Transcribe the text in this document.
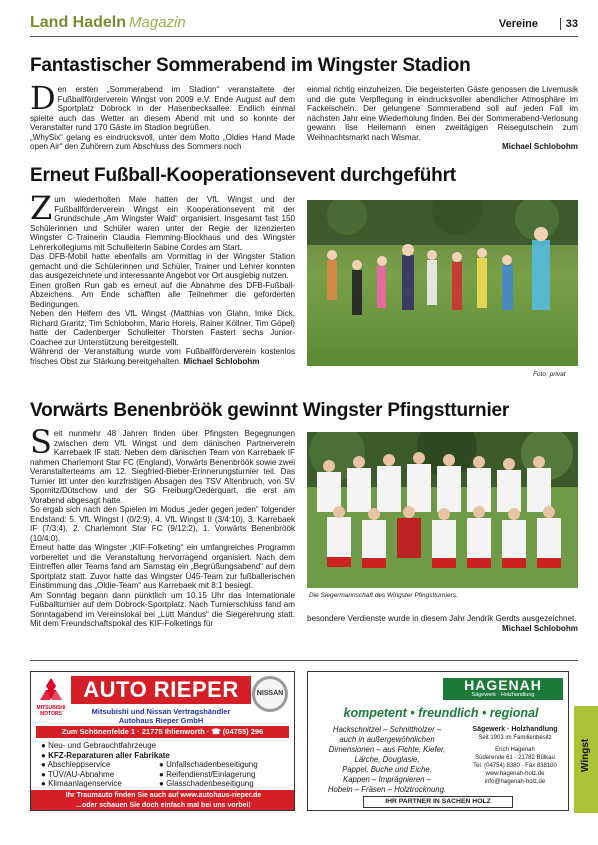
Land Hadeln Magazin	Vereine	33
Fantastischer Sommerabend im Wingster Stadion
Den ersten „Sommerabend im Stadion“ veranstaltete der Fußballförderverein Wingst von 2009 e.V. Ende August auf dem Sportplatz Dobrock in der Hasenbecksallee. Endlich einmal spielte auch das Wetter an diesem Abend mit und so konnte der Veranstalter rund 170 Gäste im Stadion begrüßen.
„WhySix“ gelang es eindrucksvoll, unter dem Motto „Oldies Hand Made open Air“ den Zuhörern zum Abschluss des Sommers noch

einmal richtig einzuheizen. Die begeisterten Gäste genossen die Livemusik und die gute Verpflegung in eindrucksvoller abendlicher Atmosphäre im Fackelschein. Der gelungene Sommerabend soll auf jeden Fall im nächsten Jahr eine Wiederholung finden. Bei der Sommerabend-Verlosung gewann Ilse Heilemann einen zweitägigen Reisegutschein zum Weihnachtsmarkt nach Wismar.

Michael Schlobohm

Erneut Fußball-Kooperationsevent durchgeführt

Zum wiederholten Male hatten der VfL Wingst und der Fußballförderverein Wingst ein Kooperationsevent mit der Grundschule „Am Wingster Wald“ organisiert. Insgesamt fast 150 Schülerinnen und Schüler waren unter der Regie der lizenzierten Wingster C-Trainerin Claudia Flemming-Blockhaus und des Wingster Lehrerkollegiums mit Schulleiterin Sabine Cordes am Start.

Das DFB-Mobil hatte ebenfalls am Vormittag in der Wingster Station gemacht und die Schülerinnen und Schüler, Trainer und Lehrer konnten das ausgezeichnete und interessante Angebot vor Ort ausgiebig nutzen.

Einen großen Run gab es erneut auf die Abnahme des DFB-Fußball-Abzeichens. Am Ende schafften alle Teilnehmer die geforderten Bedingungen.

Neben den Helfern des VfL Wingst (Matthias von Glahn, Imke Dick, Richard Grantz, Tim Schlobohm, Mario Horeis, Rainer Köllner, Tim Göpel) hatte der Cadenberger Schulleiter Thorsten Fastert sechs Junior-Coachee zur Unterstützung bereitgestellt.

Während der Veranstaltung wurde vom Fußballförderverein kostenlos frisches Obst zur Stärkung bereitgehalten. Michael Schlobohm

Foto: privat
Vorwärts Benenbröök gewinnt Wingster Pfingstturnier

Seit nunmehr 48 Jahren finden über Pfingsten Begegnungen zwischen dem VfL Wingst und dem dänischen Partnerverein Karrebaek IF statt. Neben dem dänischen Team von Karrebaek IF nahmen Charlemont Star FC (England), Vorwärts Benenbröök sowie zwei Veranstalterteams am 12. Siegfried-Bieber-Erinnerungsturnier teil. Das Turnier litt unter den kurzfristigen Absagen des TSV Altenbruch, von SV Spornitz/Dütschow und der SG Freiburg/Oederquart, die erst am Vorabend abgesagt hatte.

So ergab sich nach den Spielen im Modus „jeder gegen jeden“ folgender Endstand: 5. VfL Wingst I (0/2:9), 4. VfL Wingst II (3/4:10), 3. Karrebaek IF (7/3:4), 2. Charlemont Star FC (9/12:2), 1. Vorwärts Benenbröök (10/4:0).

Erneut hatte das Wingster „KIF-Folketing“ ein umfangreiches Programm vorbereitet und die Veranstaltung hervorragend organisiert. Nach dem Eintreffen aller Teams fand am Samstag ein „Begrüßungsabend“ auf dem Sportplatz statt. Zuvor hatte das Wingster Ü45-Team zur fußballerischen Einstimmung das „Oldie-Team“ aus Karrebaek mit 8:1 besiegt.

Am Sonntag begann dann pünktlich um 10.15 Uhr das Internationale Fußballturnier auf dem Dobrock-Sportplatz. Nach Turnierschluss fand am Sonntagabend im Vereinslokal bei „Lütt Mandus“ die Siegerehrung statt. Mit dem Freundschaftspokal des KIF-Folketings für

Die Siegermannschaft des Wingster Pfingstturniers.

besondere Verdienste wurde in diesem Jahr Jendrik Gerdts ausgezeichnet.

Michael Schlobohm

MITSUBISHI MOTORS
AUTO RIEPER	NISSAN
Mitsubishi und Nissan Vertragshändler
Autohaus Rieper GmbH
Zum Schönenfelde 1 · 21775 Ihlienworth · ☎ (04755) 296
● Neu- und Gebrauchtfahrzeuge
● KFZ-Reparaturen aller Fabrikate
● Abschleppservice	● Unfallschadenbeseitigung
● TÜV/AU-Abnahme	● Reifendienst/Einlagerung
● Klimaanlagenservice	● Glasschadenbeseitigung
Ihr Traumauto finden Sie auch auf www.autohaus-rieper.de
...oder schauen Sie doch einfach mal bei uns vorbei!
HAGENAH
Sägewerk · Holzhandlung
kompetent • freundlich • regional
Hackschnitzel – Schnittholzer –
auch in außergewöhnlichen
Dimensionen – aus Fichte, Kiefer,
Lärche, Douglasie,
Pappel, Buche und Eiche.
Kappen – Imprägnieren –
Hobeln – Fräsen – Holztrocknung.
Sägewerk · Holzhandlung
Seit 1903 im Familienbesitz
Erich Hagenah
Süderende 61 · 21782 Bülkau
Tel. (04754) 8380 · Fax 838100
www.hagenah-holz.de
info@hagenah-holz.de
IHR PARTNER IN SACHEN HOLZ
Wingst
